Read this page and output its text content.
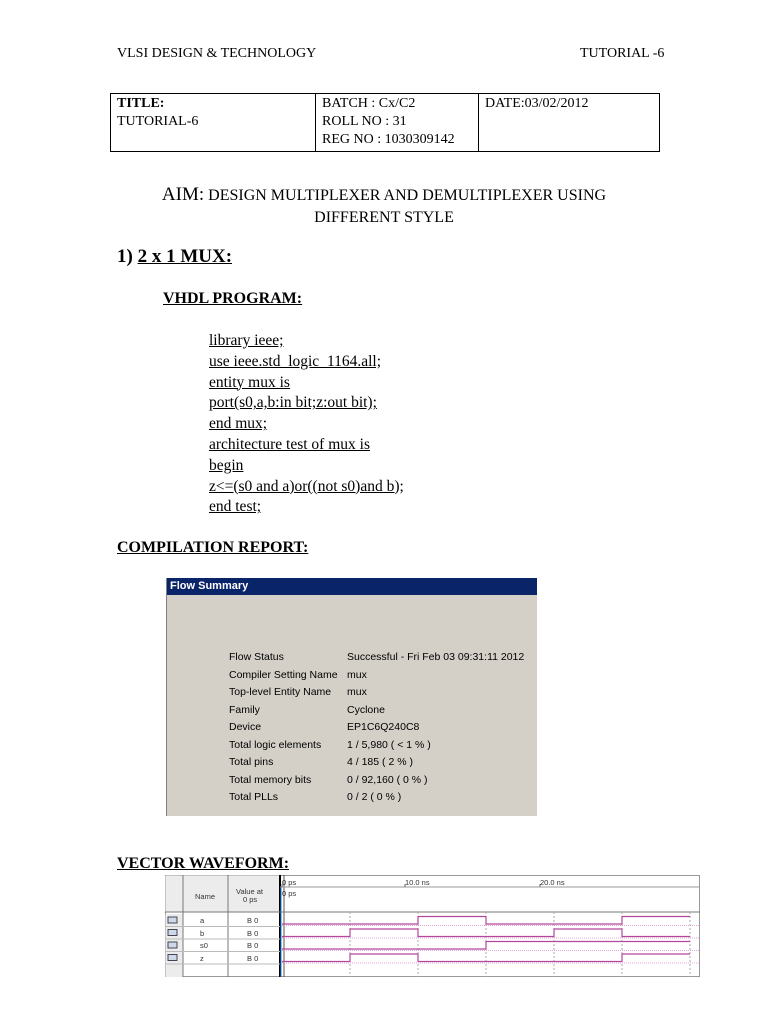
VLSI DESIGN & TECHNOLOGY	TUTORIAL -6
TITLE:
TUTORIAL-6

BATCH : Cx/C2
ROLL NO : 31
REG NO : 1030309142

DATE:03/02/2012
AIM: DESIGN MULTIPLEXER AND DEMULTIPLEXER USING
DIFFERENT STYLE
1) 2 x 1 MUX:
VHDL PROGRAM:
library ieee;
use ieee.std_logic_1164.all;
entity mux is
port(s0,a,b:in bit;z:out bit);
end mux;
architecture test of mux is
begin
z<=(s0 and a)or((not s0)and b);
end test;
COMPILATION REPORT:
Flow Summary
Flow Status	Successful - Fri Feb 03 09:31:11 2012
Compiler Setting Name mux
Top-level Entity Name mux
Family	Cyclone
Device	EP1C6Q240C8
Total logic elements 1 / 5,980 ( < 1 % )
Total pins	4 / 185 ( 2 % )
Total memory bits	0 / 92,160 ( 0 % )
Total PLLs	0 / 2 ( 0 % )
VECTOR WAVEFORM:
Name
Value at
0 ps
0 ps	10.0 ns	20.0 ns
0 ps
a	B 0
b	B 0
s0	B 0
z	B 0
